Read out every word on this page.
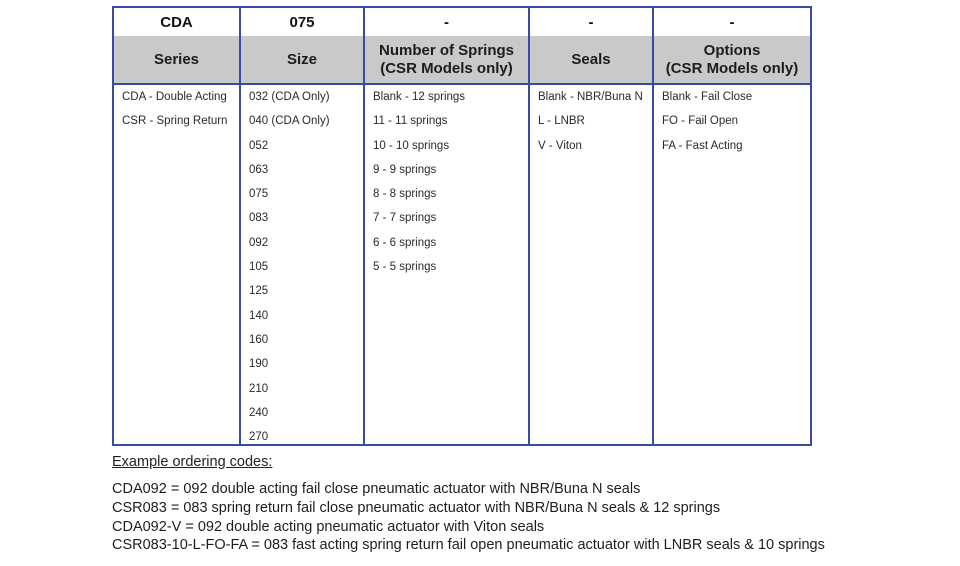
CDA
Series
CDA - Double Acting
CSR - Spring Return
075
Size
032 (CDA Only)
040 (CDA Only)
052
063
075
083
092
105
125
140
160
190
210
240
270
-
Number of Springs
(CSR Models only)
Blank - 12 springs
11 - 11 springs
10 - 10 springs
9 - 9 springs
8 - 8 springs
7 - 7 springs
6 - 6 springs
5 - 5 springs
-
Seals
Blank - NBR/Buna N
L - LNBR
V - Viton
-
Options
(CSR Models only)
Blank - Fail Close
FO - Fail Open
FA - Fast Acting
Example ordering codes:
CDA092 = 092 double acting fail close pneumatic actuator with NBR/Buna N seals
CSR083 = 083 spring return fail close pneumatic actuator with NBR/Buna N seals & 12 springs
CDA092-V = 092 double acting pneumatic actuator with Viton seals
CSR083-10-L-FO-FA = 083 fast acting spring return fail open pneumatic actuator with LNBR seals & 10 springs
